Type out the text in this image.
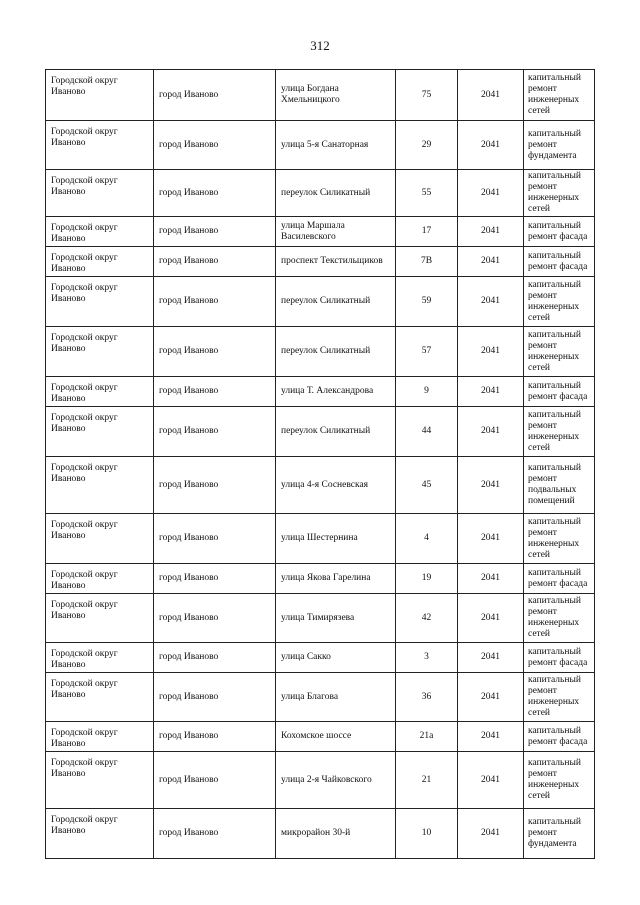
312
Городской округ Иваново	город Иваново	улица Богдана Хмельницкого	75	2041	капитальный ремонт инженерных сетей
Городской округ Иваново	город Иваново	улица 5-я Санаторная	29	2041	капитальный ремонт фундамента
Городской округ Иваново	город Иваново	переулок Силикатный	55	2041	капитальный ремонт инженерных сетей
Городской округ Иваново	город Иваново	улица Маршала Василевского	17	2041	капитальный ремонт фасада
Городской округ Иваново	город Иваново	проспект Текстильщиков	7В	2041	капитальный ремонт фасада
Городской округ Иваново	город Иваново	переулок Силикатный	59	2041	капитальный ремонт инженерных сетей
Городской округ Иваново	город Иваново	переулок Силикатный	57	2041	капитальный ремонт инженерных сетей
Городской округ Иваново	город Иваново	улица Т. Александрова	9	2041	капитальный ремонт фасада
Городской округ Иваново	город Иваново	переулок Силикатный	44	2041	капитальный ремонт инженерных сетей
Городской округ Иваново	город Иваново	улица 4-я Сосневская	45	2041	капитальный ремонт подвальных помещений
Городской округ Иваново	город Иваново	улица Шестернина	4	2041	капитальный ремонт инженерных сетей
Городской округ Иваново	город Иваново	улица Якова Гарелина	19	2041	капитальный ремонт фасада
Городской округ Иваново	город Иваново	улица Тимирязева	42	2041	капитальный ремонт инженерных сетей
Городской округ Иваново	город Иваново	улица Сакко	3	2041	капитальный ремонт фасада
Городской округ Иваново	город Иваново	улица Благова	36	2041	капитальный ремонт инженерных сетей
Городской округ Иваново	город Иваново	Кохомское шоссе	21а	2041	капитальный ремонт фасада
Городской округ Иваново	город Иваново	улица 2-я Чайковского	21	2041	капитальный ремонт инженерных сетей
Городской округ Иваново	город Иваново	микрорайон 30-й	10	2041	капитальный ремонт фундамента
